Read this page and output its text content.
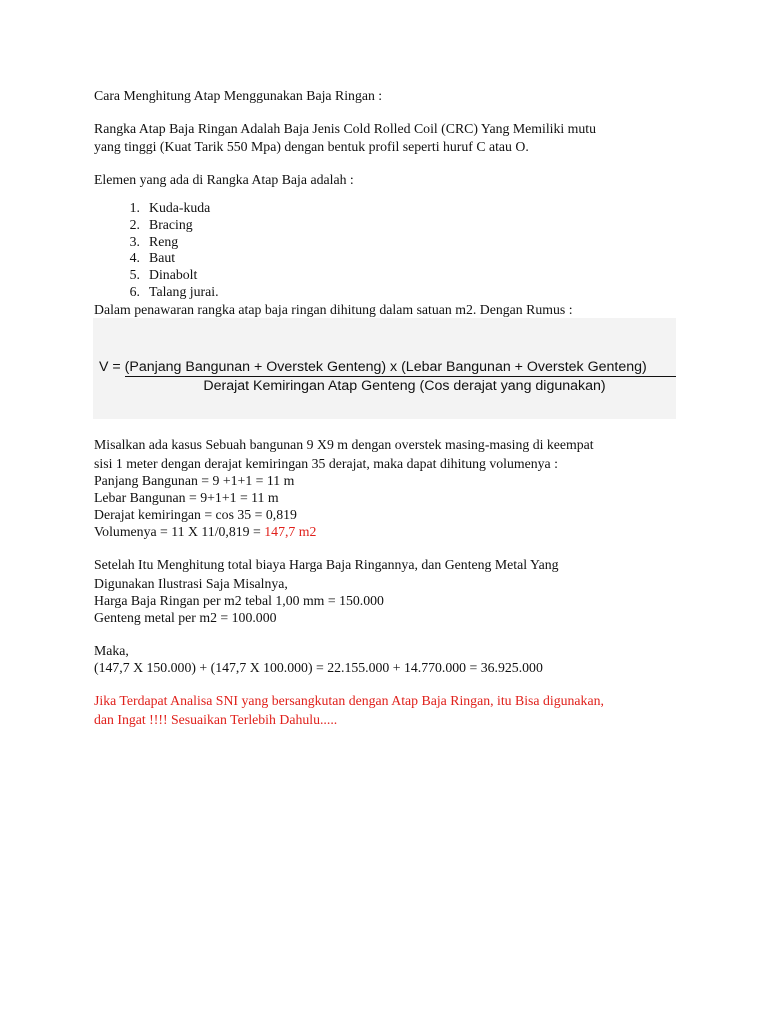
Cara Menghitung Atap Menggunakan Baja Ringan :
Rangka Atap Baja Ringan Adalah Baja Jenis Cold Rolled Coil (CRC) Yang Memiliki mutu
yang tinggi (Kuat Tarik 550 Mpa) dengan bentuk profil seperti huruf C atau O.
Elemen yang ada di Rangka Atap Baja adalah :
1. Kuda-kuda
2. Bracing
3. Reng
4. Baut
5. Dinabolt
6. Talang jurai.
Dalam penawaran rangka atap baja ringan dihitung dalam satuan m2. Dengan Rumus :
V = (Panjang Bangunan + Overstek Genteng) x (Lebar Bangunan + Overstek Genteng)
Derajat Kemiringan Atap Genteng (Cos derajat yang digunakan)
Misalkan ada kasus Sebuah bangunan 9 X9 m dengan overstek masing-masing di keempat
sisi 1 meter dengan derajat kemiringan 35 derajat, maka dapat dihitung volumenya :
Panjang Bangunan = 9 +1+1 = 11 m
Lebar Bangunan = 9+1+1 = 11 m
Derajat kemiringan = cos 35 = 0,819
Volumenya = 11 X 11/0,819 = 147,7 m2
Setelah Itu Menghitung total biaya Harga Baja Ringannya, dan Genteng Metal Yang
Digunakan Ilustrasi Saja Misalnya,
Harga Baja Ringan per m2 tebal 1,00 mm = 150.000
Genteng metal per m2 = 100.000
Maka,
(147,7 X 150.000) + (147,7 X 100.000) = 22.155.000 + 14.770.000 = 36.925.000
Jika Terdapat Analisa SNI yang bersangkutan dengan Atap Baja Ringan, itu Bisa digunakan,
dan Ingat !!!! Sesuaikan Terlebih Dahulu.....
